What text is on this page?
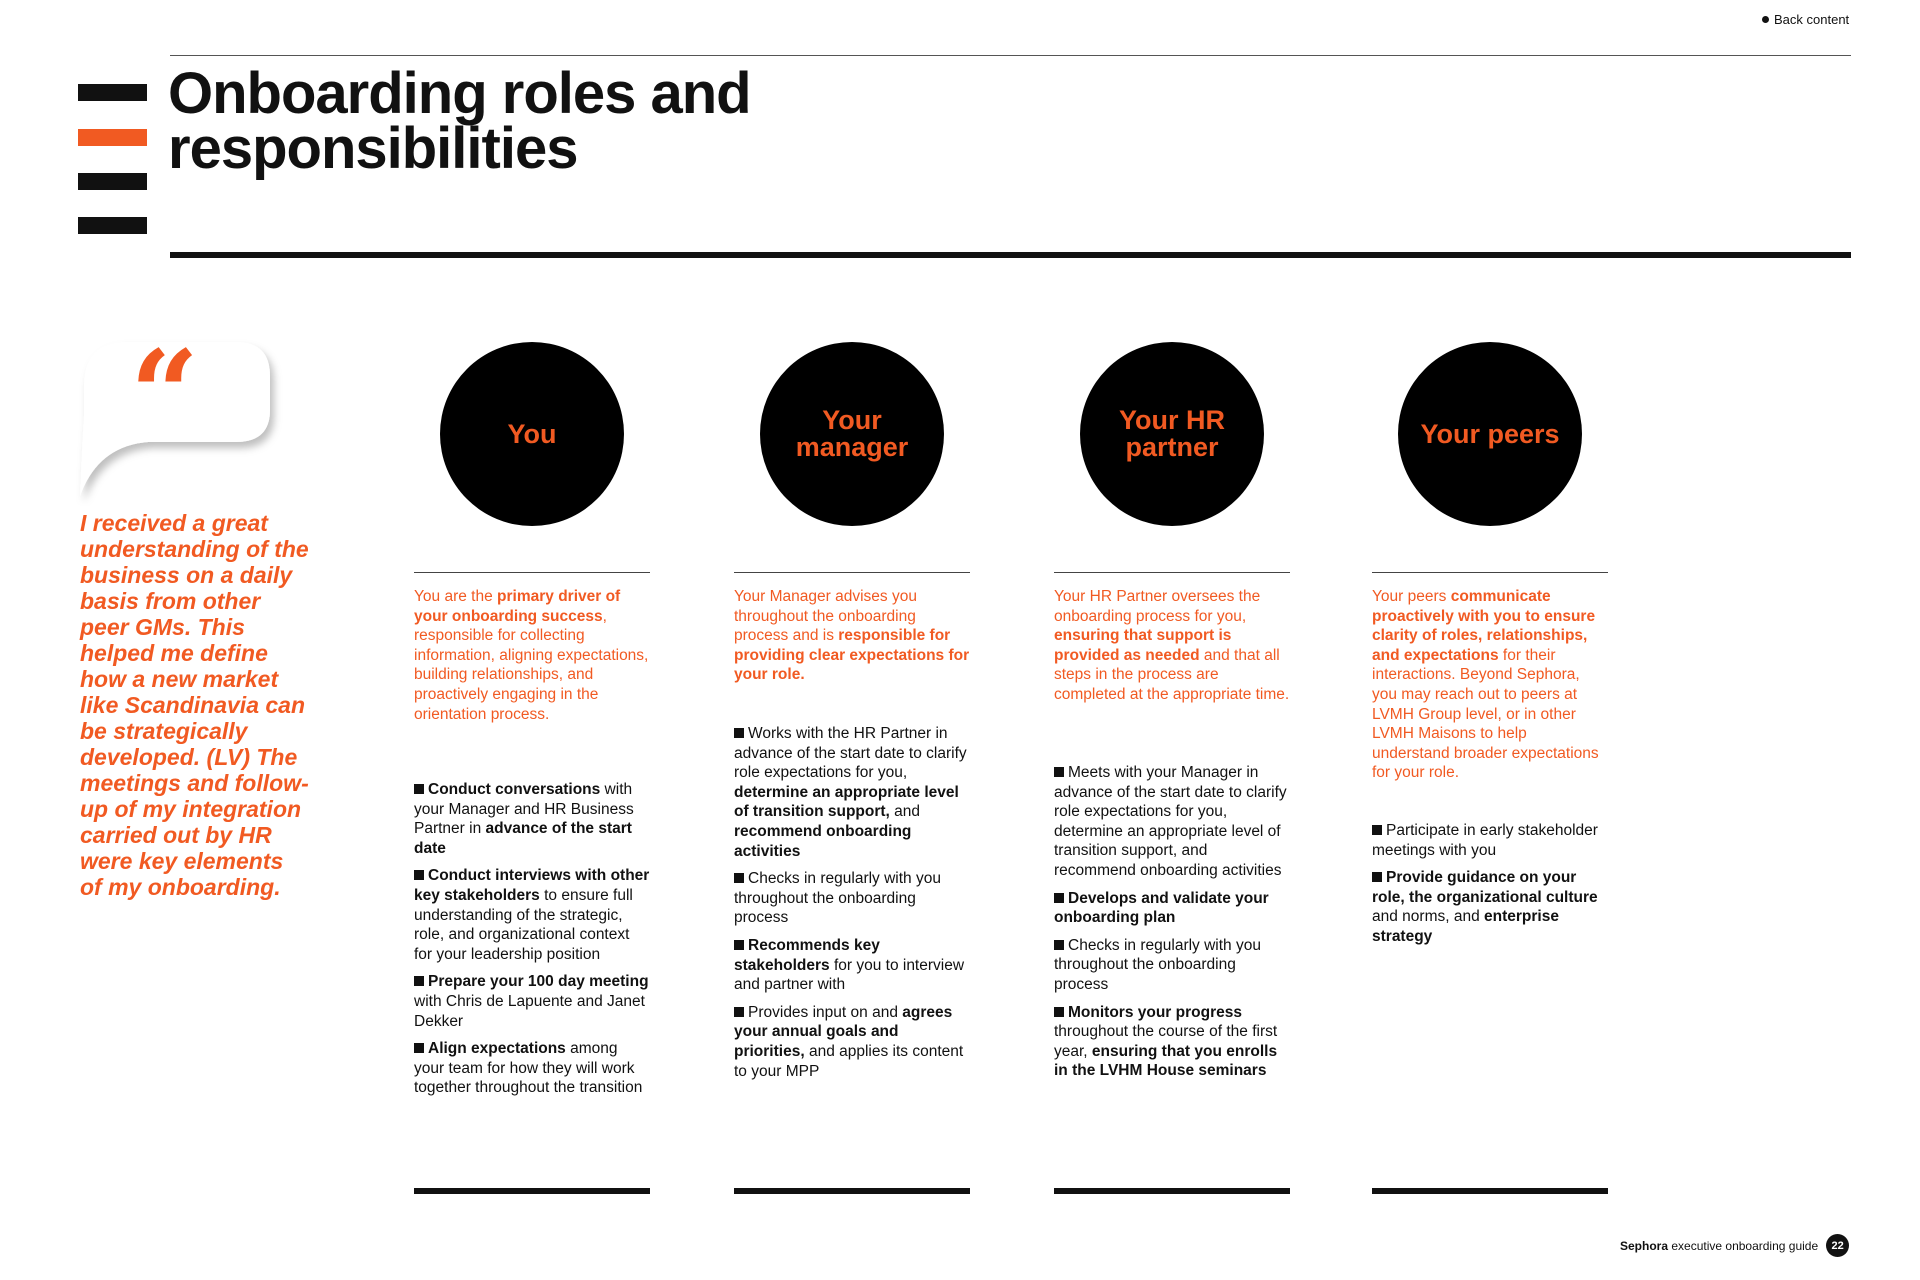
Back content
Onboarding roles and responsibilities
“

I received a great understanding of the business on a daily basis from other peer GMs. This helped me define how a new market like Scandinavia can be strategically developed. (LV) The meetings and follow-up of my integration carried out by HR were key elements of my onboarding.

You
You are the primary driver of your onboarding success, responsible for collecting information, aligning expectations, building relationships, and proactively engaging in the orientation process.
Conduct conversations with your Manager and HR Business Partner in advance of the start date
Conduct interviews with other key stakeholders to ensure full understanding of the strategic, role, and organizational context for your leadership position
Prepare your 100 day meeting with Chris de Lapuente and Janet Dekker
Align expectations among your team for how they will work together throughout the transition
Your manager
Your Manager advises you throughout the onboarding process and is responsible for providing clear expectations for your role.
Works with the HR Partner in advance of the start date to clarify role expectations for you, determine an appropriate level of transition support, and recommend onboarding activities
Checks in regularly with you throughout the onboarding process
Recommends key stakeholders for you to interview and partner with
Provides input on and agrees your annual goals and priorities, and applies its content to your MPP
Your HR partner
Your HR Partner oversees the onboarding process for you, ensuring that support is provided as needed and that all steps in the process are completed at the appropriate time.
Meets with your Manager in advance of the start date to clarify role expectations for you, determine an appropriate level of transition support, and recommend onboarding activities
Develops and validate your onboarding plan
Checks in regularly with you throughout the onboarding process
Monitors your progress throughout the course of the first year, ensuring that you enrolls in the LVHM House seminars
Your peers
Your peers communicate proactively with you to ensure clarity of roles, relationships, and expectations for their interactions. Beyond Sephora, you may reach out to peers at LVMH Group level, or in other LVMH Maisons to help understand broader expectations for your role.
Participate in early stakeholder meetings with you
Provide guidance on your role, the organizational culture and norms, and enterprise strategy
Sephora executive onboarding guide	22
